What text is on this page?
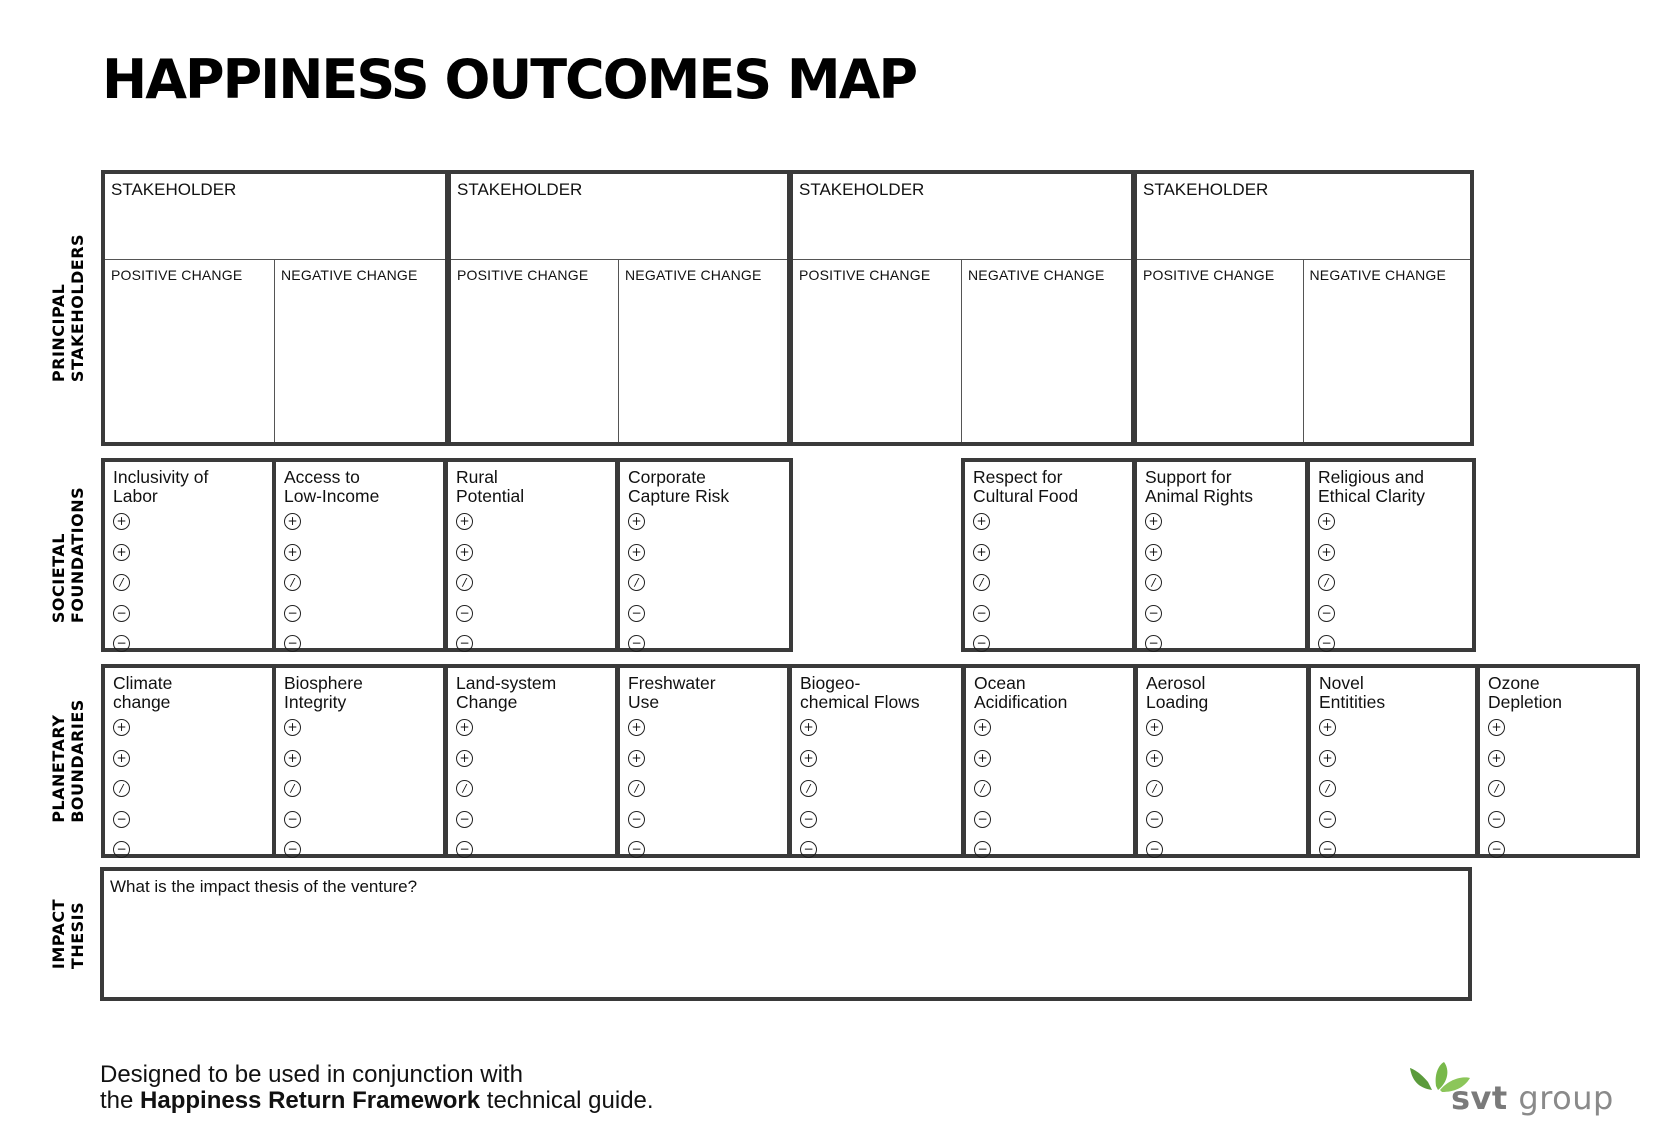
HAPPINESS OUTCOMES MAP
PRINCIPAL STAKEHOLDERS
SOCIETAL FOUNDATIONS
PLANETARY BOUNDARIES
IMPACT THESIS
STAKEHOLDER
POSITIVE CHANGE	NEGATIVE CHANGE
STAKEHOLDER
POSITIVE CHANGE	NEGATIVE CHANGE
STAKEHOLDER
POSITIVE CHANGE	NEGATIVE CHANGE
STAKEHOLDER
POSITIVE CHANGE	NEGATIVE CHANGE
Inclusivity of
Labor
+
+
/
−
−
Access to
Low-Income
+
+
/
−
−
Rural
Potential
+
+
/
−
−
Corporate
Capture Risk
+
+
/
−
−
Respect for
Cultural Food
+
+
/
−
−
Support for
Animal Rights
+
+
/
−
−
Religious and
Ethical Clarity
+
+
/
−
−
Climate
change
+
+
/
−
−
Biosphere
Integrity
+
+
/
−
−
Land-system
Change
+
+
/
−
−
Freshwater
Use
+
+
/
−
−
Biogeo-
chemical Flows
+
+
/
−
−
Ocean
Acidification
+
+
/
−
−
Aerosol
Loading
+
+
/
−
−
Novel
Entitities
+
+
/
−
−
Ozone
Depletion
+
+
/
−
−
What is the impact thesis of the venture?
Designed to be used in conjunction with
the Happiness Return Framework technical guide.	svt group
